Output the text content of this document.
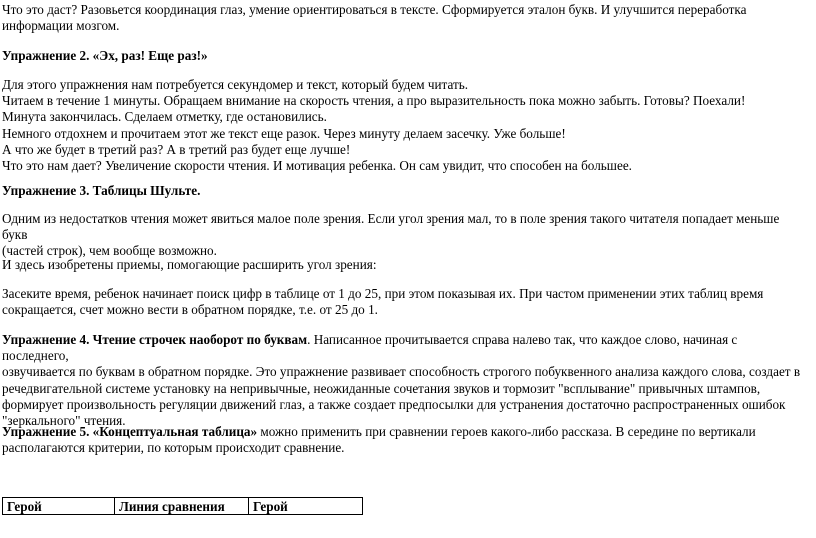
Что это даст? Разовьется координация глаз, умение ориентироваться в тексте. Сформируется эталон букв. И улучшится переработка

информации мозгом.

Упражнение 2. «Эх, раз! Еще раз!»

Для этого упражнения нам потребуется секундомер и текст, который будем читать.

Читаем в течение 1 минуты. Обращаем внимание на скорость чтения, а про выразительность пока можно забыть. Готовы? Поехали!

Минута закончилась. Сделаем отметку, где остановились.

Немного отдохнем и прочитаем этот же текст еще разок. Через минуту делаем засечку. Уже больше!

А что же будет в третий раз? А в третий раз будет еще лучше!

Что это нам дает? Увеличение скорости чтения. И мотивация ребенка. Он сам увидит, что способен на большее.

Упражнение 3. Таблицы Шульте.

Одним из недостатков чтения может явиться малое поле зрения. Если угол зрения мал, то в поле зрения такого читателя попадает меньше букв

(частей строк), чем вообще возможно.

И здесь изобретены приемы, помогающие расширить угол зрения:

Засеките время, ребенок начинает поиск цифр в таблице от 1 до 25, при этом показывая их. При частом применении этих таблиц время

сокращается, счет можно вести в обратном порядке, т.е. от 25 до 1.

Упражнение 4. Чтение строчек наоборот по буквам. Написанное прочитывается справа налево так, что каждое слово, начиная с последнего,

озвучивается по буквам в обратном порядке. Это упражнение развивает способность строгого побуквенного анализа каждого слова, создает в

речедвигательной системе установку на непривычные, неожиданные сочетания звуков и тормозит "всплывание" привычных штампов,

формирует произвольность регуляции движений глаз, а также создает предпосылки для устранения достаточно распространенных ошибок

"зеркального" чтения.

Упражнение 5. «Концептуальная таблица» можно применить при сравнении героев какого-либо рассказа. В середине по вертикали

располагаются критерии, по которым происходит сравнение.

Герой	Линия сравнения	Герой
